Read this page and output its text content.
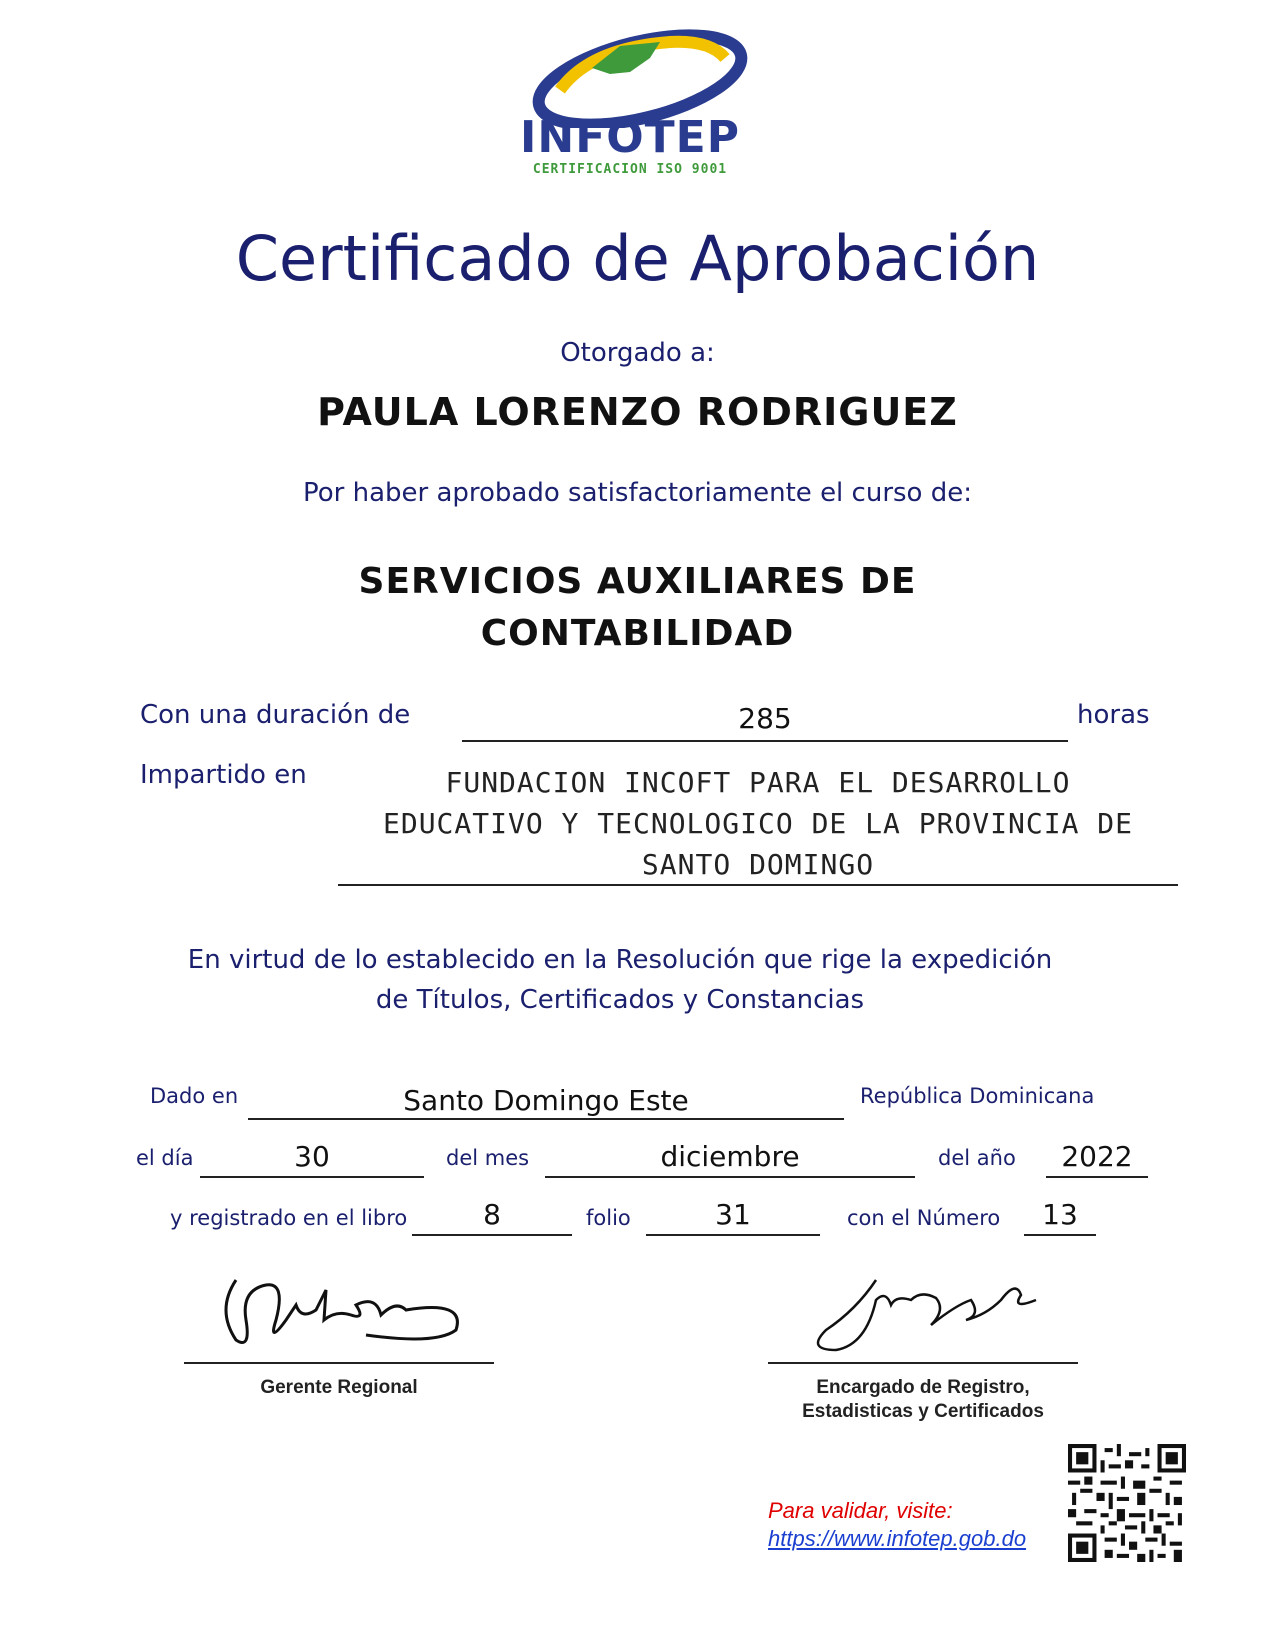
INFOTEP
CERTIFICACION ISO 9001
Certificado de Aprobación
Otorgado a:
PAULA LORENZO RODRIGUEZ
Por haber aprobado satisfactoriamente el curso de:
SERVICIOS AUXILIARES DE
CONTABILIDAD
Con una duración de	285	horas
Impartido en	FUNDACION INCOFT PARA EL DESARROLLO
EDUCATIVO Y TECNOLOGICO DE LA PROVINCIA DE
SANTO DOMINGO
En virtud de lo establecido en la Resolución que rige la expedición
de Títulos, Certificados y Constancias
Dado en	Santo Domingo Este	República Dominicana
el día	30	del mes	diciembre	del año	2022
y registrado en el libro	8	folio	31	con el Número	13
Gerente Regional	Encargado de Registro,
Estadisticas y Certificados
Para validar, visite:
https://www.infotep.gob.do
